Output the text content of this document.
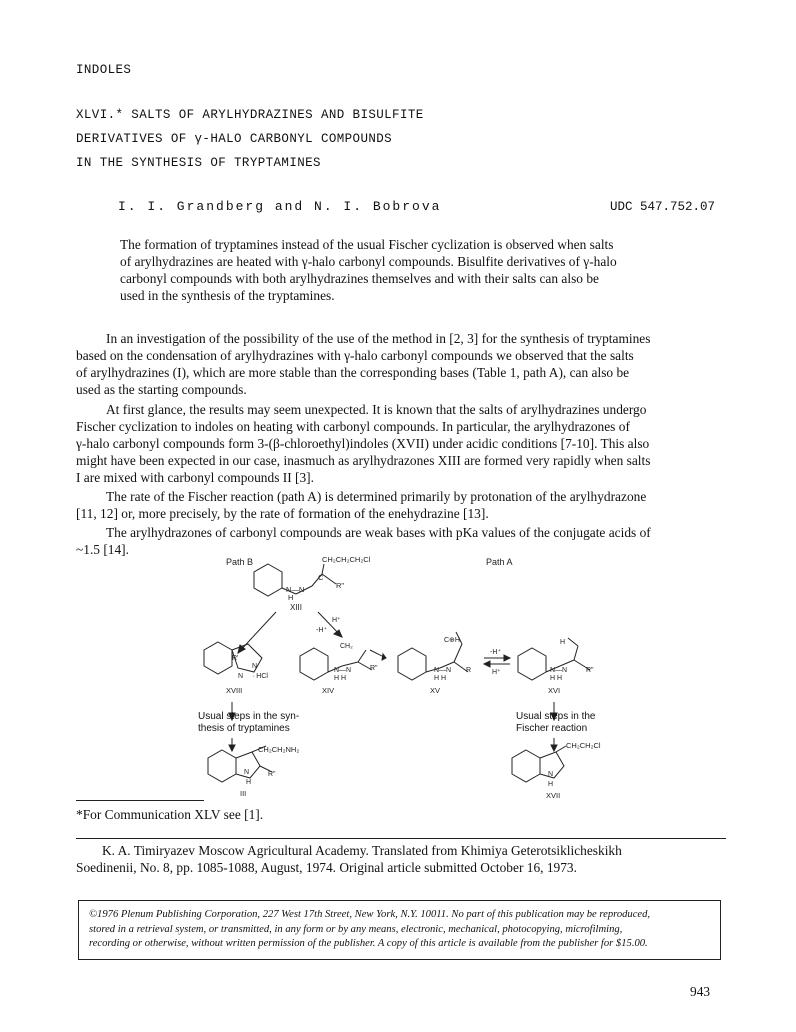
INDOLES
XLVI.* SALTS OF ARYLHYDRAZINES AND BISULFITE
DERIVATIVES OF γ-HALO CARBONYL COMPOUNDS
IN THE SYNTHESIS OF TRYPTAMINES
I. I. Grandberg and N. I. Bobrova	UDC 547.752.07
The formation of tryptamines instead of the usual Fischer cyclization is observed when salts
of arylhydrazines are heated with γ-halo carbonyl compounds. Bisulfite derivatives of γ-halo
carbonyl compounds with both arylhydrazines themselves and with their salts can also be
used in the synthesis of the tryptamines.
In an investigation of the possibility of the use of the method in [2, 3] for the synthesis of tryptamines
based on the condensation of arylhydrazines with γ-halo carbonyl compounds we observed that the salts
of arylhydrazines (I), which are more stable than the corresponding bases (Table 1, path A), can also be
used as the starting compounds.
At first glance, the results may seem unexpected. It is known that the salts of arylhydrazines undergo
Fischer cyclization to indoles on heating with carbonyl compounds. In particular, the arylhydrazones of
γ-halo carbonyl compounds form 3-(β-chloroethyl)indoles (XVII) under acidic conditions [7-10]. This also
might have been expected in our case, inasmuch as arylhydrazones XIII are formed very rapidly when salts
I are mixed with carbonyl compounds II [3].
The rate of the Fischer reaction (path A) is determined primarily by protonation of the arylhydrazone
[11, 12] or, more precisely, by the rate of formation of the enehydrazine [13].
The arylhydrazones of carbonyl compounds are weak bases with pKa values of the conjugate acids of
~1.5 [14].
Path B	Path A
CH₂CH₂CH₂Cl
N—N
C
R"
H
XIII
H⁺
-H⁺
R'
N
N · HCl
XVIII
CH₂
N—N
H H
R"
XIV
C⊕H
N—N
H H
R
XV
-H⁺
H⁺
H
N—N
H H
R"
XVI
CH₂CH₂NH₂
N	R"
H
III
CH₂CH₂Cl
N
H
XVII
Usual steps in the syn-
thesis of tryptamines
Usual steps in the
Fischer reaction
*For Communication XLV see [1].
K. A. Timiryazev Moscow Agricultural Academy. Translated from Khimiya Geterotsiklicheskikh
Soedinenii, No. 8, pp. 1085-1088, August, 1974. Original article submitted October 16, 1973.
©1976 Plenum Publishing Corporation, 227 West 17th Street, New York, N.Y. 10011. No part of this publication may be reproduced,
stored in a retrieval system, or transmitted, in any form or by any means, electronic, mechanical, photocopying, microfilming,
recording or otherwise, without written permission of the publisher. A copy of this article is available from the publisher for $15.00.
943
